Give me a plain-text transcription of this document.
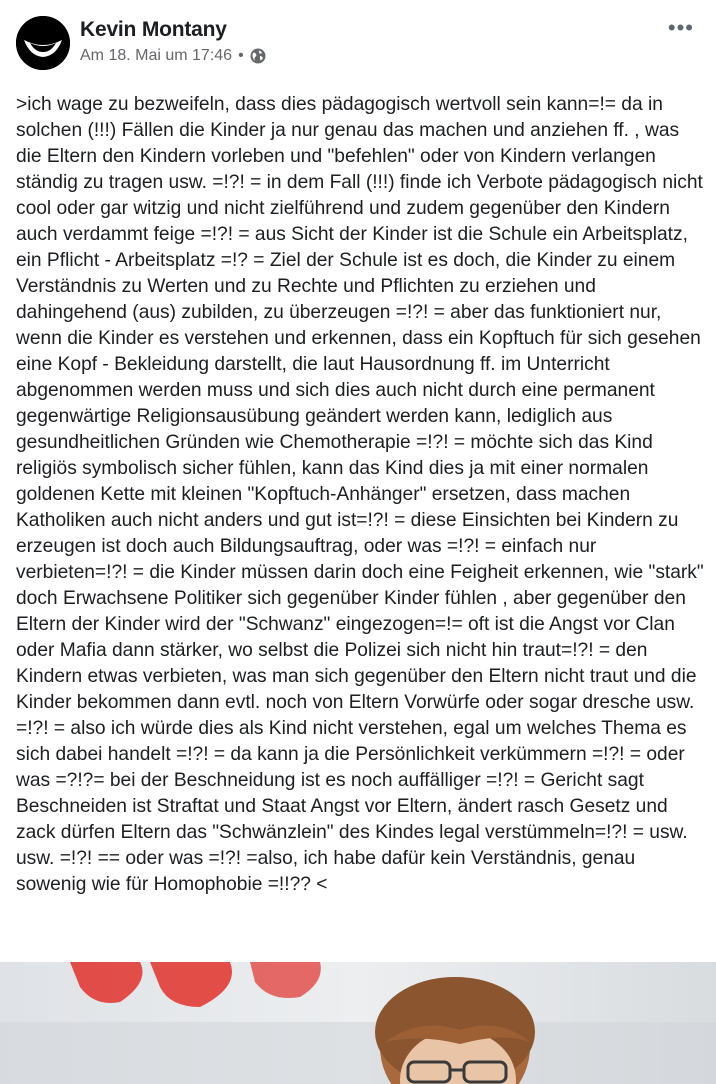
Kevin Montany
Am 18. Mai um 17:46 •
•••
>ich wage zu bezweifeln, dass dies pädagogisch wertvoll sein kann=!= da in solchen (!!!) Fällen die Kinder ja nur genau das machen und anziehen ff. , was die Eltern den Kindern vorleben und "befehlen" oder von Kindern verlangen ständig zu tragen usw. =!?! = in dem Fall (!!!) finde ich Verbote pädagogisch nicht cool oder gar witzig und nicht zielführend und zudem gegenüber den Kindern auch verdammt feige =!?! = aus Sicht der Kinder ist die Schule ein Arbeitsplatz, ein Pflicht - Arbeitsplatz =!? = Ziel der Schule ist es doch, die Kinder zu einem Verständnis zu Werten und zu Rechte und Pflichten zu erziehen und dahingehend (aus) zubilden, zu überzeugen =!?! = aber das funktioniert nur, wenn die Kinder es verstehen und erkennen, dass ein Kopftuch für sich gesehen eine Kopf - Bekleidung darstellt, die laut Hausordnung ff. im Unterricht abgenommen werden muss und sich dies auch nicht durch eine permanent gegenwärtige Religionsausübung geändert werden kann, lediglich aus gesundheitlichen Gründen wie Chemotherapie =!?! = möchte sich das Kind religiös symbolisch sicher fühlen, kann das Kind dies ja mit einer normalen goldenen Kette mit kleinen "Kopftuch-Anhänger" ersetzen, dass machen Katholiken auch nicht anders und gut ist=!?! = diese Einsichten bei Kindern zu erzeugen ist doch auch Bildungsauftrag, oder was =!?! = einfach nur verbieten=!?! = die Kinder müssen darin doch eine Feigheit erkennen, wie "stark" doch Erwachsene Politiker sich gegenüber Kinder fühlen , aber gegenüber den Eltern der Kinder wird der "Schwanz" eingezogen=!= oft ist die Angst vor Clan oder Mafia dann stärker, wo selbst die Polizei sich nicht hin traut=!?! = den Kindern etwas verbieten, was man sich gegenüber den Eltern nicht traut und die Kinder bekommen dann evtl. noch von Eltern Vorwürfe oder sogar dresche usw. =!?! = also ich würde dies als Kind nicht verstehen, egal um welches Thema es sich dabei handelt =!?! = da kann ja die Persönlichkeit verkümmern =!?! = oder was =?!?= bei der Beschneidung ist es noch auffälliger =!?! = Gericht sagt Beschneiden ist Straftat und Staat Angst vor Eltern, ändert rasch Gesetz und zack dürfen Eltern das "Schwänzlein" des Kindes legal verstümmeln=!?! = usw. usw. =!?! == oder was =!?! =also, ich habe dafür kein Verständnis, genau sowenig wie für Homophobie =!!?? <
